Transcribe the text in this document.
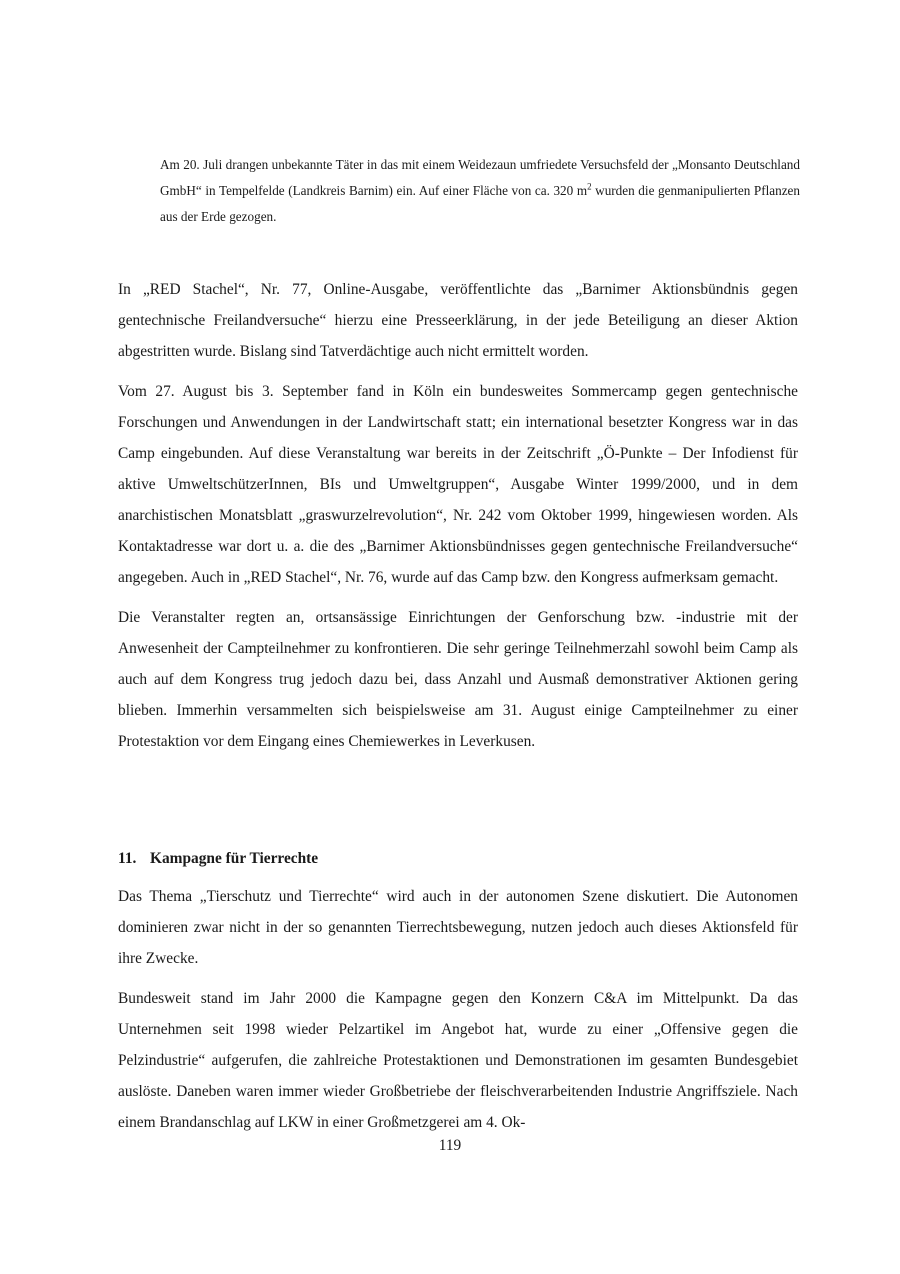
Am 20. Juli drangen unbekannte Täter in das mit einem Weidezaun umfriedete Versuchsfeld der „Monsanto Deutschland GmbH“ in Tempelfelde (Landkreis Barnim) ein. Auf einer Fläche von ca. 320 $m^2$ wurden die genmanipulierten Pflanzen aus der Erde gezogen.

In „RED Stachel“, Nr. 77, Online-Ausgabe, veröffentlichte das „Barnimer Aktionsbündnis gegen gentechnische Freilandversuche“ hierzu eine Presseerklärung, in der jede Beteiligung an dieser Aktion abgestritten wurde. Bislang sind Tatverdächtige auch nicht ermittelt worden.

Vom 27. August bis 3. September fand in Köln ein bundesweites Sommercamp gegen gentechnische Forschungen und Anwendungen in der Landwirtschaft statt; ein international besetzter Kongress war in das Camp eingebunden. Auf diese Veranstaltung war bereits in der Zeitschrift „Ö-Punkte – Der Infodienst für aktive UmweltschützerInnen, BIs und Umweltgruppen“, Ausgabe Winter 1999/2000, und in dem anarchistischen Monatsblatt „graswurzelrevolution“, Nr. 242 vom Oktober 1999, hingewiesen worden. Als Kontaktadresse war dort u. a. die des „Barnimer Aktionsbündnisses gegen gentechnische Freilandversuche“ angegeben. Auch in „RED Stachel“, Nr. 76, wurde auf das Camp bzw. den Kongress aufmerksam gemacht.

Die Veranstalter regten an, ortsansässige Einrichtungen der Genforschung bzw. -industrie mit der Anwesenheit der Campteilnehmer zu konfrontieren. Die sehr geringe Teilnehmerzahl sowohl beim Camp als auch auf dem Kongress trug jedoch dazu bei, dass Anzahl und Ausmaß demonstrativer Aktionen gering blieben. Immerhin versammelten sich beispielsweise am 31. August einige Campteilnehmer zu einer Protestaktion vor dem Eingang eines Chemiewerkes in Leverkusen.

11. Kampagne für Tierrechte

Das Thema „Tierschutz und Tierrechte“ wird auch in der autonomen Szene diskutiert. Die Autonomen dominieren zwar nicht in der so genannten Tierrechtsbewegung, nutzen jedoch auch dieses Aktionsfeld für ihre Zwecke.

Bundesweit stand im Jahr 2000 die Kampagne gegen den Konzern C&A im Mittelpunkt. Da das Unternehmen seit 1998 wieder Pelzartikel im Angebot hat, wurde zu einer „Offensive gegen die Pelzindustrie“ aufgerufen, die zahlreiche Protestaktionen und Demonstrationen im gesamten Bundesgebiet auslöste. Daneben waren immer wieder Großbetriebe der fleischverarbeitenden Industrie Angriffsziele. Nach einem Brandanschlag auf LKW in einer Großmetzgerei am 4. Ok-

119
